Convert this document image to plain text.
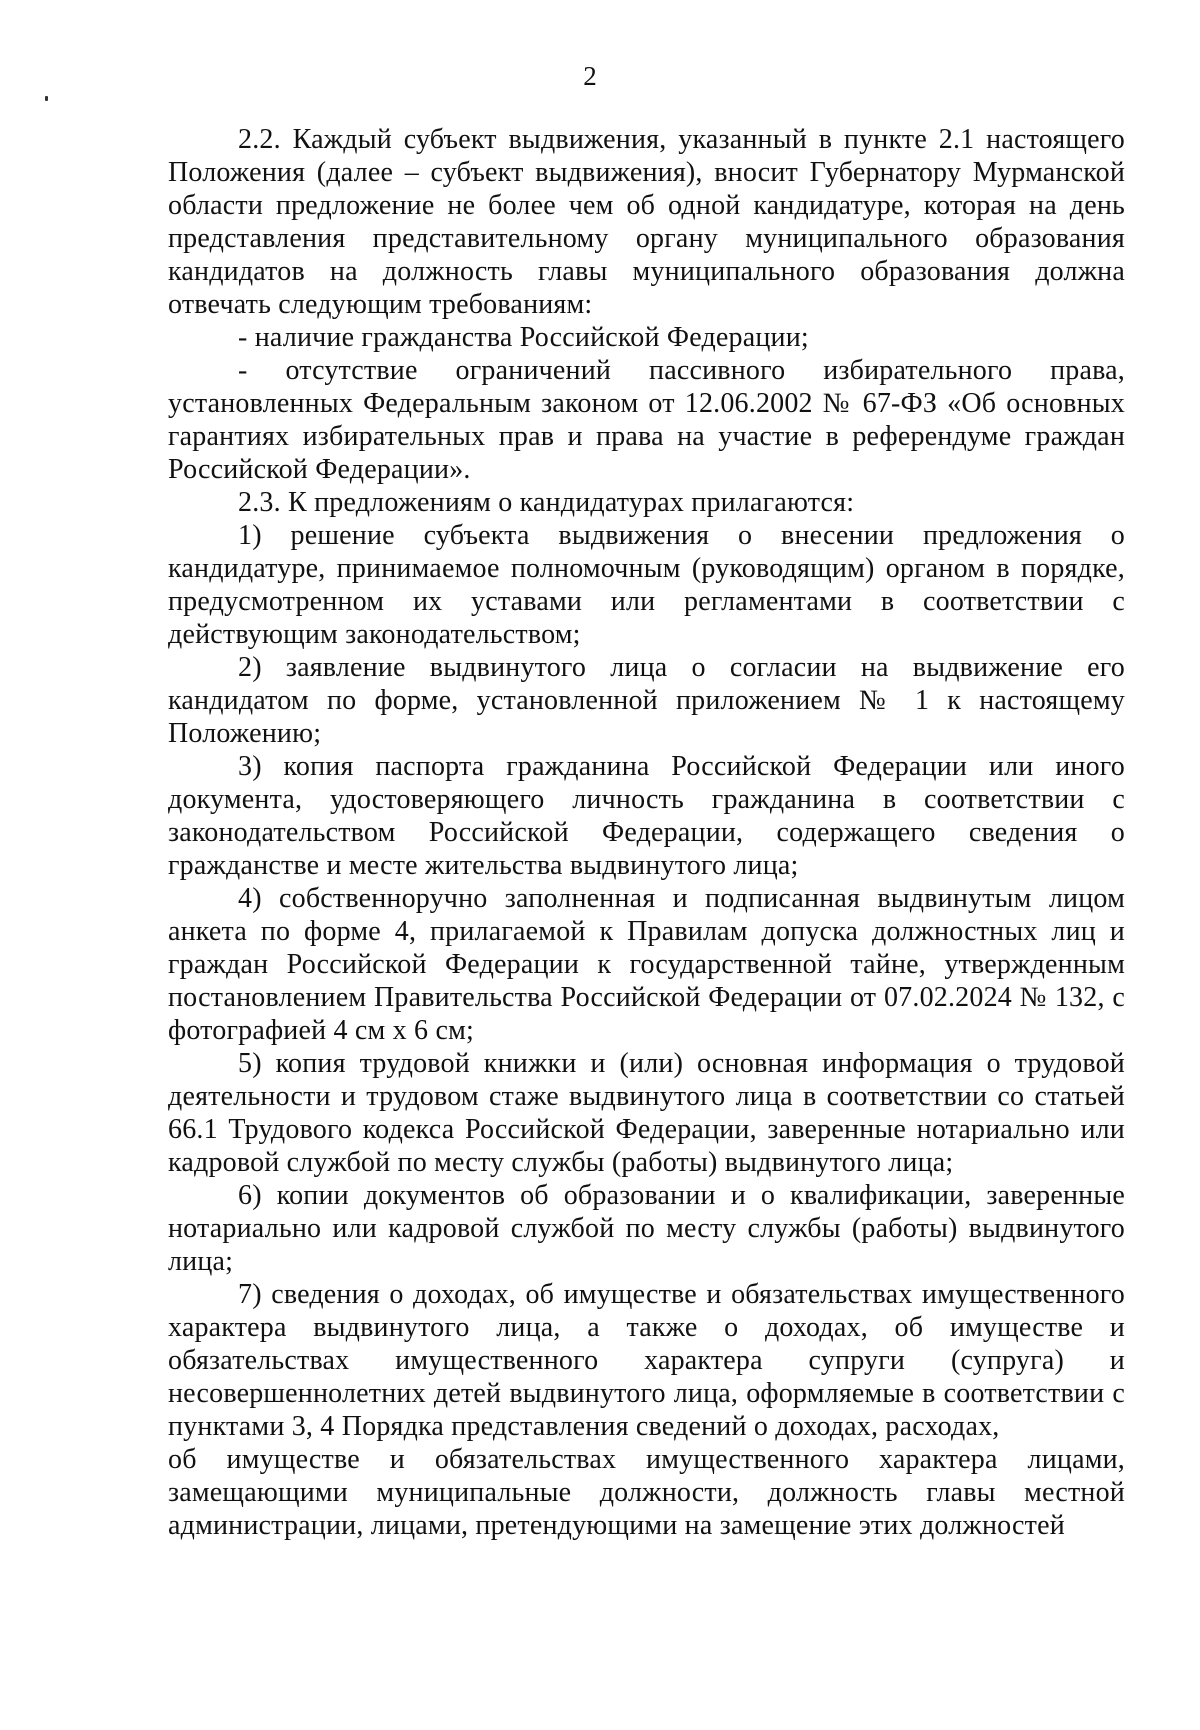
2

2.2. Каждый субъект выдвижения, указанный в пункте 2.1 настоящего Положения (далее – субъект выдвижения), вносит Губернатору Мурманской области предложение не более чем об одной кандидатуре, которая на день представления представительному органу муниципального образования кандидатов на должность главы муниципального образования должна отвечать следующим требованиям:

- наличие гражданства Российской Федерации;

- отсутствие ограничений пассивного избирательного права, установленных Федеральным законом от 12.06.2002 № 67-ФЗ «Об основных гарантиях избирательных прав и права на участие в референдуме граждан Российской Федерации».

2.3. К предложениям о кандидатурах прилагаются:

1) решение субъекта выдвижения о внесении предложения о кандидатуре, принимаемое полномочным (руководящим) органом в порядке, предусмотренном их уставами или регламентами в соответствии с действующим законодательством;

2) заявление выдвинутого лица о согласии на выдвижение его кандидатом по форме, установленной приложением № 1 к настоящему Положению;

3) копия паспорта гражданина Российской Федерации или иного документа, удостоверяющего личность гражданина в соответствии с законодательством Российской Федерации, содержащего сведения о гражданстве и месте жительства выдвинутого лица;

4) собственноручно заполненная и подписанная выдвинутым лицом анкета по форме 4, прилагаемой к Правилам допуска должностных лиц и граждан Российской Федерации к государственной тайне, утвержденным постановлением Правительства Российской Федерации от 07.02.2024 № 132, с фотографией 4 см х 6 см;

5) копия трудовой книжки и (или) основная информация о трудовой деятельности и трудовом стаже выдвинутого лица в соответствии со статьей 66.1 Трудового кодекса Российской Федерации, заверенные нотариально или кадровой службой по месту службы (работы) выдвинутого лица;

6) копии документов об образовании и о квалификации, заверенные нотариально или кадровой службой по месту службы (работы) выдвинутого лица;

7) сведения о доходах, об имуществе и обязательствах имущественного характера выдвинутого лица, а также о доходах, об имуществе и обязательствах имущественного характера супруги (супруга) и несовершеннолетних детей выдвинутого лица, оформляемые в соответствии с пунктами 3, 4 Порядка представления сведений о доходах, расходах,

об имуществе и обязательствах имущественного характера лицами, замещающими муниципальные должности, должность главы местной администрации, лицами, претендующими на замещение этих должностей
